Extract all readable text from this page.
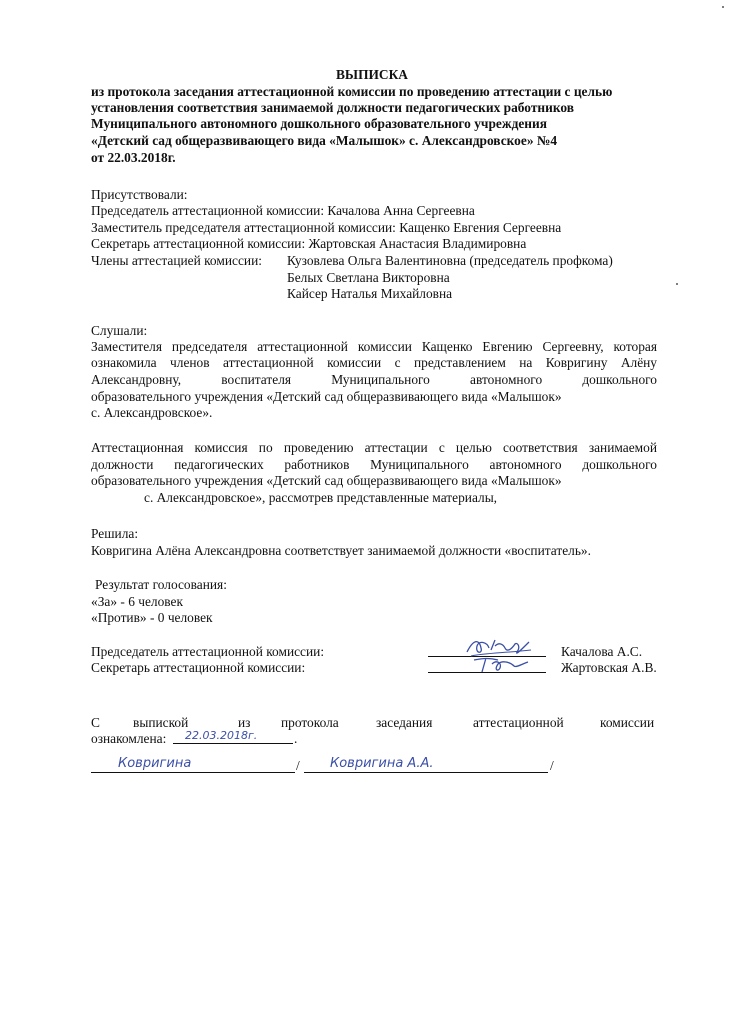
ВЫПИСКА
из протокола заседания аттестационной комиссии по проведению аттестации с целью
установления соответствия занимаемой должности педагогических работников
Муниципального автономного дошкольного образовательного учреждения
«Детский сад общеразвивающего вида «Малышок» с. Александровское» №4
от 22.03.2018г.
Присутствовали:
Председатель аттестационной комиссии: Качалова Анна Сергеевна
Заместитель председателя аттестационной комиссии: Кащенко Евгения Сергеевна
Секретарь аттестационной комиссии: Жартовская Анастасия Владимировна
Члены аттестацией комиссии: Кузовлева Ольга Валентиновна (председатель профкома)
Белых Светлана Викторовна
Кайсер Наталья Михайловна
Слушали:
Заместителя председателя аттестационной комиссии Кащенко Евгению Сергеевну, которая
ознакомила членов аттестационной комиссии с представлением на Ковригину Алёну
Александровну, воспитателя Муниципального автономного дошкольного
образовательного учреждения «Детский сад общеразвивающего вида «Малышок»
с. Александровское».
Аттестационная комиссия по проведению аттестации с целью соответствия занимаемой
должности педагогических работников Муниципального автономного дошкольного
образовательного учреждения «Детский сад общеразвивающего вида «Малышок»
с. Александровское», рассмотрев представленные материалы,
Решила:
Ковригина Алёна Александровна соответствует занимаемой должности «воспитатель».
Результат голосования:
«За» - 6 человек
«Против» - 0 человек
Председатель аттестационной комиссии:	Качалова А.С.
Секретарь аттестационной комиссии:	Жартовская А.В.
С выпиской	из протокола	заседания	аттестационной	комиссии
ознакомлена: 22.03.2018г.	.
Ковригина	/ Ковригина А.А.	/
